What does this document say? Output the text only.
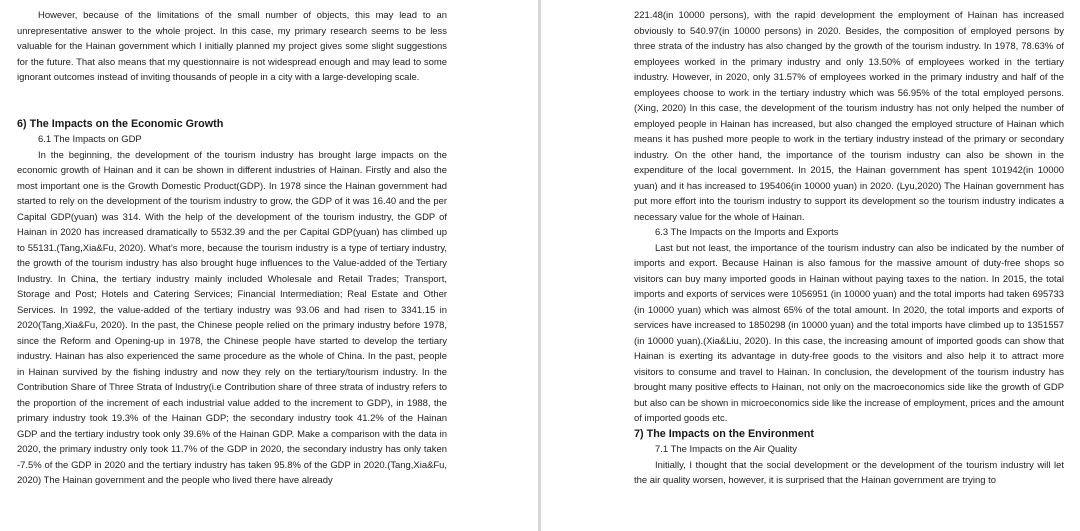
However, because of the limitations of the small number of objects, this may lead to an unrepresentative answer to the whole project. In this case, my primary research seems to be less valuable for the Hainan government which I initially planned my project gives some slight suggestions for the future. That also means that my questionnaire is not widespread enough and may lead to some ignorant outcomes instead of inviting thousands of people in a city with a large-developing scale.

6) The Impacts on the Economic Growth
6.1 The Impacts on GDP

In the beginning, the development of the tourism industry has brought large impacts on the economic growth of Hainan and it can be shown in different industries of Hainan. Firstly and also the most important one is the Growth Domestic Product(GDP). In 1978 since the Hainan government had started to rely on the development of the tourism industry to grow, the GDP of it was 16.40 and the per Capital GDP(yuan) was 314. With the help of the development of the tourism industry, the GDP of Hainan in 2020 has increased dramatically to 5532.39 and the per Capital GDP(yuan) has climbed up to 55131.(Tang,Xia&Fu, 2020). What’s more, because the tourism industry is a type of tertiary industry, the growth of the tourism industry has also brought huge influences to the Value-added of the Tertiary Industry. In China, the tertiary industry mainly included Wholesale and Retail Trades; Transport, Storage and Post; Hotels and Catering Services; Financial Intermediation; Real Estate and Other Services. In 1992, the value-added of the tertiary industry was 93.06 and had risen to 3341.15 in 2020(Tang,Xia&Fu, 2020). In the past, the Chinese people relied on the primary industry before 1978, since the Reform and Opening-up in 1978, the Chinese people have started to develop the tertiary industry. Hainan has also experienced the same procedure as the whole of China. In the past, people in Hainan survived by the fishing industry and now they rely on the tertiary/tourism industry. In the Contribution Share of Three Strata of Industry(i.e Contribution share of three strata of industry refers to the proportion of the increment of each industrial value added to the increment to GDP), in 1988, the primary industry took 19.3% of the Hainan GDP; the secondary industry took 41.2% of the Hainan GDP and the tertiary industry took only 39.6% of the Hainan GDP. Make a comparison with the data in 2020, the primary industry only took 11.7% of the GDP in 2020, the secondary industry has only taken -7.5% of the GDP in 2020 and the tertiary industry has taken 95.8% of the GDP in 2020.(Tang,Xia&Fu, 2020) The Hainan government and the people who lived there have already

221.48(in 10000 persons), with the rapid development the employment of Hainan has increased obviously to 540.97(in 10000 persons) in 2020. Besides, the composition of employed persons by three strata of the industry has also changed by the growth of the tourism industry. In 1978, 78.63% of employees worked in the primary industry and only 13.50% of employees worked in the tertiary industry. However, in 2020, only 31.57% of employees worked in the primary industry and half of the employees choose to work in the tertiary industry which was 56.95% of the total employed persons. (Xing, 2020) In this case, the development of the tourism industry has not only helped the number of employed people in Hainan has increased, but also changed the employed structure of Hainan which means it has pushed more people to work in the tertiary industry instead of the primary or secondary industry. On the other hand, the importance of the tourism industry can also be shown in the expenditure of the local government. In 2015, the Hainan government has spent 101942(in 10000 yuan) and it has increased to 195406(in 10000 yuan) in 2020. (Lyu,2020) The Hainan government has put more effort into the tourism industry to support its development so the tourism industry indicates a necessary value for the whole of Hainan.

6.3 The Impacts on the Imports and Exports

Last but not least, the importance of the tourism industry can also be indicated by the number of imports and export. Because Hainan is also famous for the massive amount of duty-free shops so visitors can buy many imported goods in Hainan without paying taxes to the nation. In 2015, the total imports and exports of services were 1056951 (in 10000 yuan) and the total imports had taken 695733 (in 10000 yuan) which was almost 65% of the total amount. In 2020, the total imports and exports of services have increased to 1850298 (in 10000 yuan) and the total imports have climbed up to 1351557 (in 10000 yuan).(Xia&Liu, 2020). In this case, the increasing amount of imported goods can show that Hainan is exerting its advantage in duty-free goods to the visitors and also help it to attract more visitors to consume and travel to Hainan. In conclusion, the development of the tourism industry has brought many positive effects to Hainan, not only on the macroeconomics side like the growth of GDP but also can be shown in microeconomics side like the increase of employment, prices and the amount of imported goods etc.

7) The Impacts on the Environment
7.1 The Impacts on the Air Quality

Initially, I thought that the social development or the development of the tourism industry will let the air quality worsen, however, it is surprised that the Hainan government are trying to
